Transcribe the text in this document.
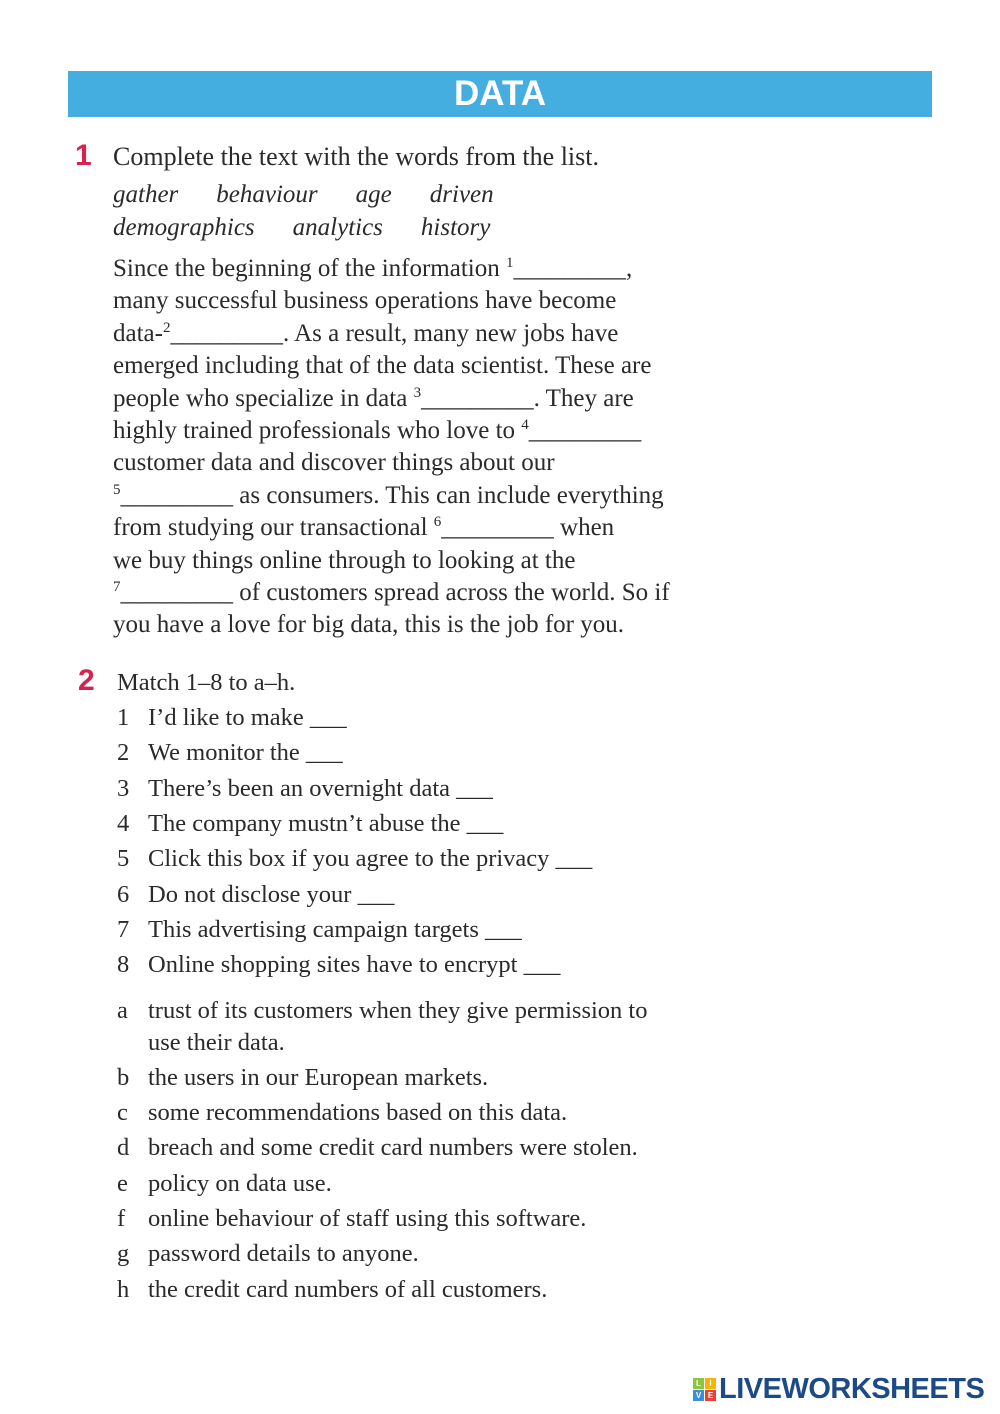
DATA
1 Complete the text with the words from the list.
gather behaviour age driven
demographics analytics history
Since the beginning of the information $^1$_________,
many successful business operations have become
data-$^2$_________. As a result, many new jobs have
emerged including that of the data scientist. These are
people who specialize in data $^3$_________. They are
highly trained professionals who love to $^4$_________
customer data and discover things about our
$^5$_________ as consumers. This can include everything
from studying our transactional $^6$_________ when
we buy things online through to looking at the
$^7$_________ of customers spread across the world. So if
you have a love for big data, this is the job for you.
2 Match 1–8 to a–h.
1 I’d like to make ___
2 We monitor the ___
3 There’s been an overnight data ___
4 The company mustn’t abuse the ___
5 Click this box if you agree to the privacy ___
6 Do not disclose your ___
7 This advertising campaign targets ___
8 Online shopping sites have to encrypt ___
a trust of its customers when they give permission to
use their data.
b the users in our European markets.
c some recommendations based on this data.
d breach and some credit card numbers were stolen.
e policy on data use.
f online behaviour of staff using this software.
g password details to anyone.
h the credit card numbers of all customers.
L	I
V E LIVEWORKSHEETS
